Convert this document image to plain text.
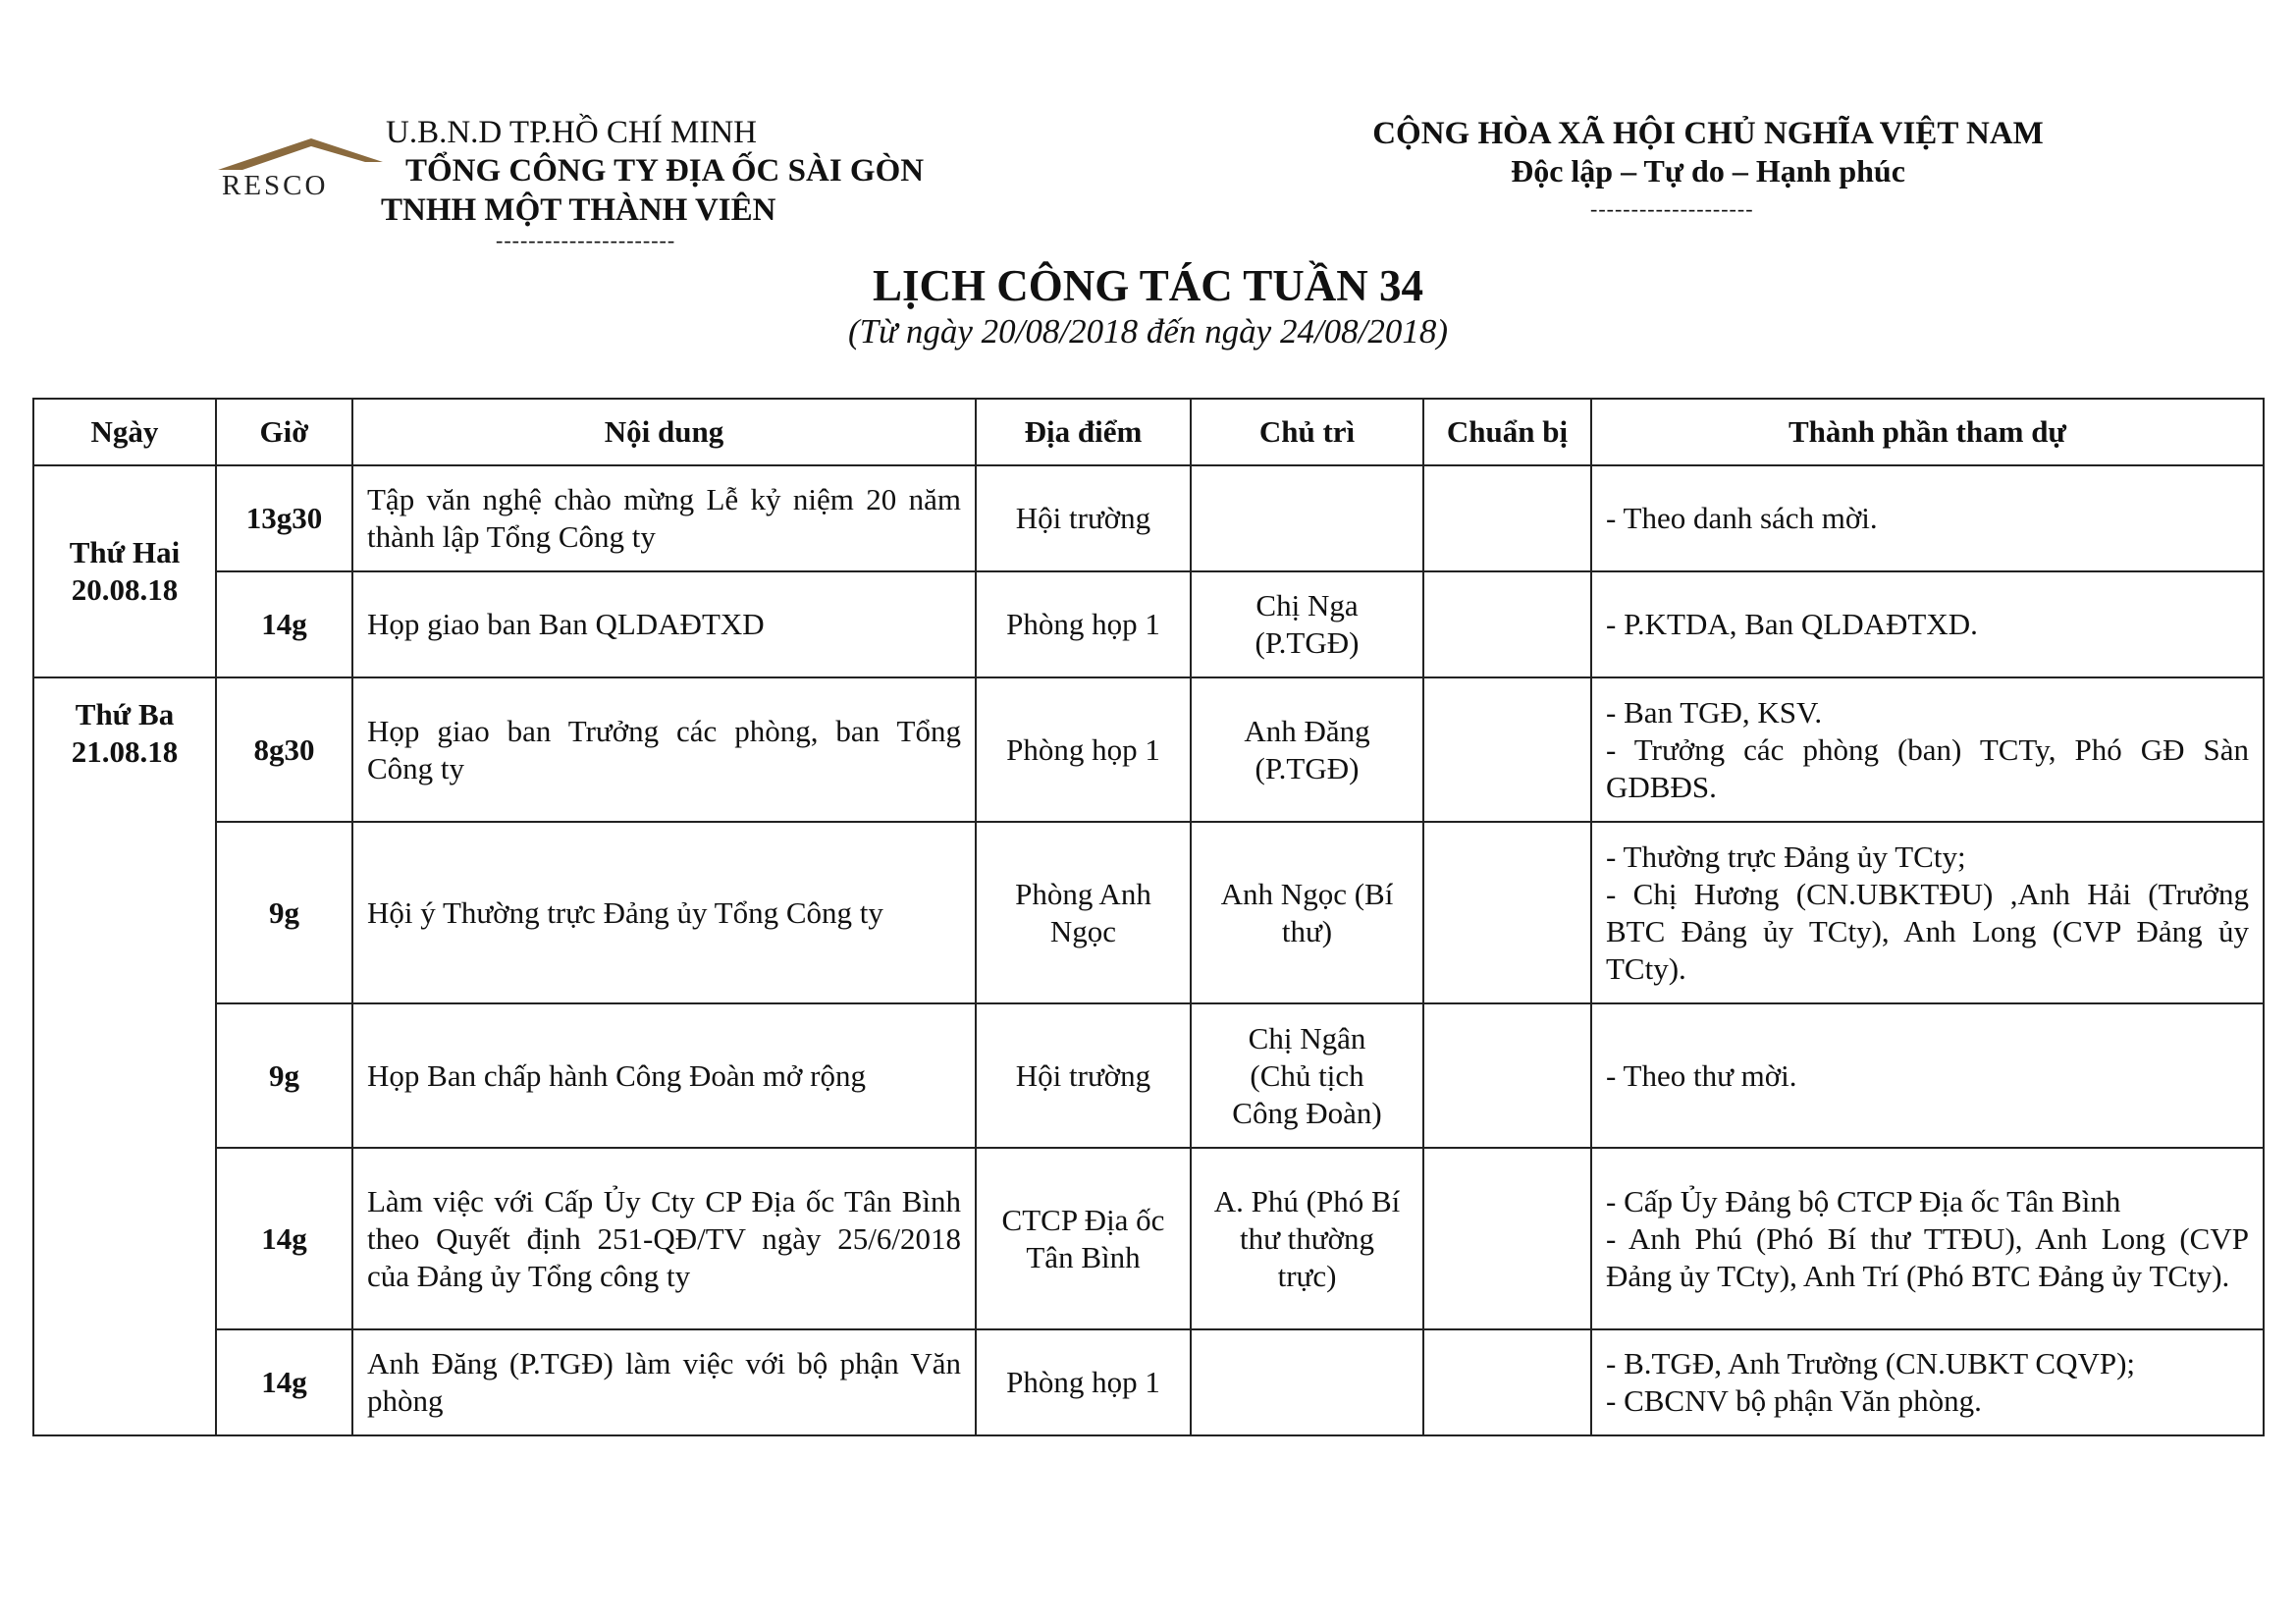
RESCO
U.B.N.D TP.HỒ CHÍ MINH
TỔNG CÔNG TY ĐỊA ỐC SÀI GÒN
TNHH MỘT THÀNH VIÊN
----------------------
CỘNG HÒA XÃ HỘI CHỦ NGHĨA VIỆT NAM
Độc lập – Tự do – Hạnh phúc
--------------------
LỊCH CÔNG TÁC TUẦN 34
(Từ ngày 20/08/2018 đến ngày 24/08/2018)
Ngày	Giờ	Nội dung	Địa điểm	Chủ trì	Chuẩn bị	Thành phần tham dự

Thứ Hai
20.08.18	13g30	Tập văn nghệ chào mừng Lễ kỷ niệm 20 năm thành lập Tổng Công ty	Hội trường			- Theo danh sách mời.

	14g	Họp giao ban Ban QLDAĐTXD	Phòng họp 1	Chị Nga (P.TGĐ)		- P.KTDA, Ban QLDAĐTXD.

Thứ Ba
21.08.18	8g30	Họp giao ban Trưởng các phòng, ban Tổng Công ty	Phòng họp 1	Anh Đăng (P.TGĐ)		- Ban TGĐ, KSV.
- Trưởng các phòng (ban) TCTy, Phó GĐ Sàn GDBĐS.

	9g	Hội ý Thường trực Đảng ủy Tổng Công ty	Phòng Anh Ngọc	Anh Ngọc (Bí thư)		- Thường trực Đảng ủy TCty;
- Chị Hương (CN.UBKTĐU) ,Anh Hải (Trưởng BTC Đảng ủy TCty), Anh Long (CVP Đảng ủy TCty).

	9g	Họp Ban chấp hành Công Đoàn mở rộng	Hội trường	Chị Ngân (Chủ tịch Công Đoàn)		- Theo thư mời.

	14g	Làm việc với Cấp Ủy Cty CP Địa ốc Tân Bình theo Quyết định 251-QĐ/TV ngày 25/6/2018 của Đảng ủy Tổng công ty	CTCP Địa ốc Tân Bình	A. Phú (Phó Bí thư thường trực)		- Cấp Ủy Đảng bộ CTCP Địa ốc Tân Bình
- Anh Phú (Phó Bí thư TTĐU), Anh Long (CVP Đảng ủy TCty), Anh Trí (Phó BTC Đảng ủy TCty).

	14g	Anh Đăng (P.TGĐ) làm việc với bộ phận Văn phòng	Phòng họp 1			- B.TGĐ, Anh Trường (CN.UBKT CQVP);
- CBCNV bộ phận Văn phòng.
